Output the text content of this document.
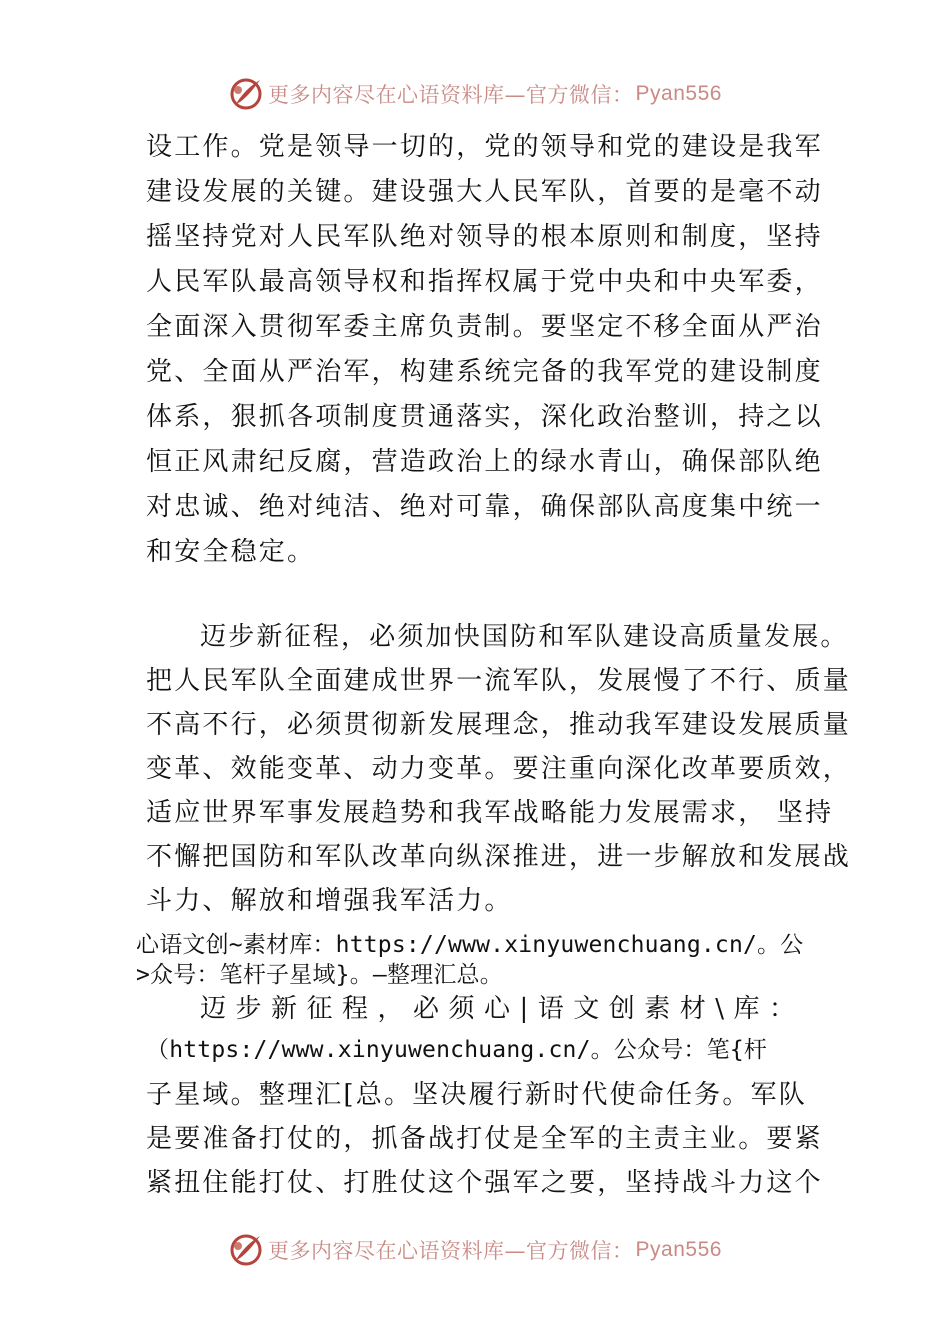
更多内容尽在心语资料库—官方微信： Pyan556
设工作。党是领导一切的，党的领导和党的建设是我军
建设发展的关键。建设强大人民军队，首要的是毫不动
摇坚持党对人民军队绝对领导的根本原则和制度，坚持
人民军队最高领导权和指挥权属于党中央和中央军委，
全面深入贯彻军委主席负责制。要坚定不移全面从严治
党、全面从严治军，构建系统完备的我军党的建设制度
体系，狠抓各项制度贯通落实，深化政治整训，持之以
恒正风肃纪反腐，营造政治上的绿水青山，确保部队绝
对忠诚、绝对纯洁、绝对可靠，确保部队高度集中统一
和安全稳定。
迈步新征程，必须加快国防和军队建设高质量发展。
把人民军队全面建成世界一流军队，发展慢了不行、质量
不高不行，必须贯彻新发展理念，推动我军建设发展质量
变革、效能变革、动力变革。要注重向深化改革要质效，
适应世界军事发展趋势和我军战略能力发展需求， 坚持
不懈把国防和军队改革向纵深推进，进一步解放和发展战
斗力、解放和增强我军活力。
心语文创~素材库：https://www.xinyuwenchuang.cn/。公
>众号：笔杆子星域}。—整理汇总。
迈步新征程，必须心|语文创素材\库：
（https://www.xinyuwenchuang.cn/。公众号：笔{杆
子星域。整理汇[总。坚决履行新时代使命任务。军队
是要准备打仗的，抓备战打仗是全军的主责主业。要紧
紧扭住能打仗、打胜仗这个强军之要，坚持战斗力这个
更多内容尽在心语资料库—官方微信： Pyan556
